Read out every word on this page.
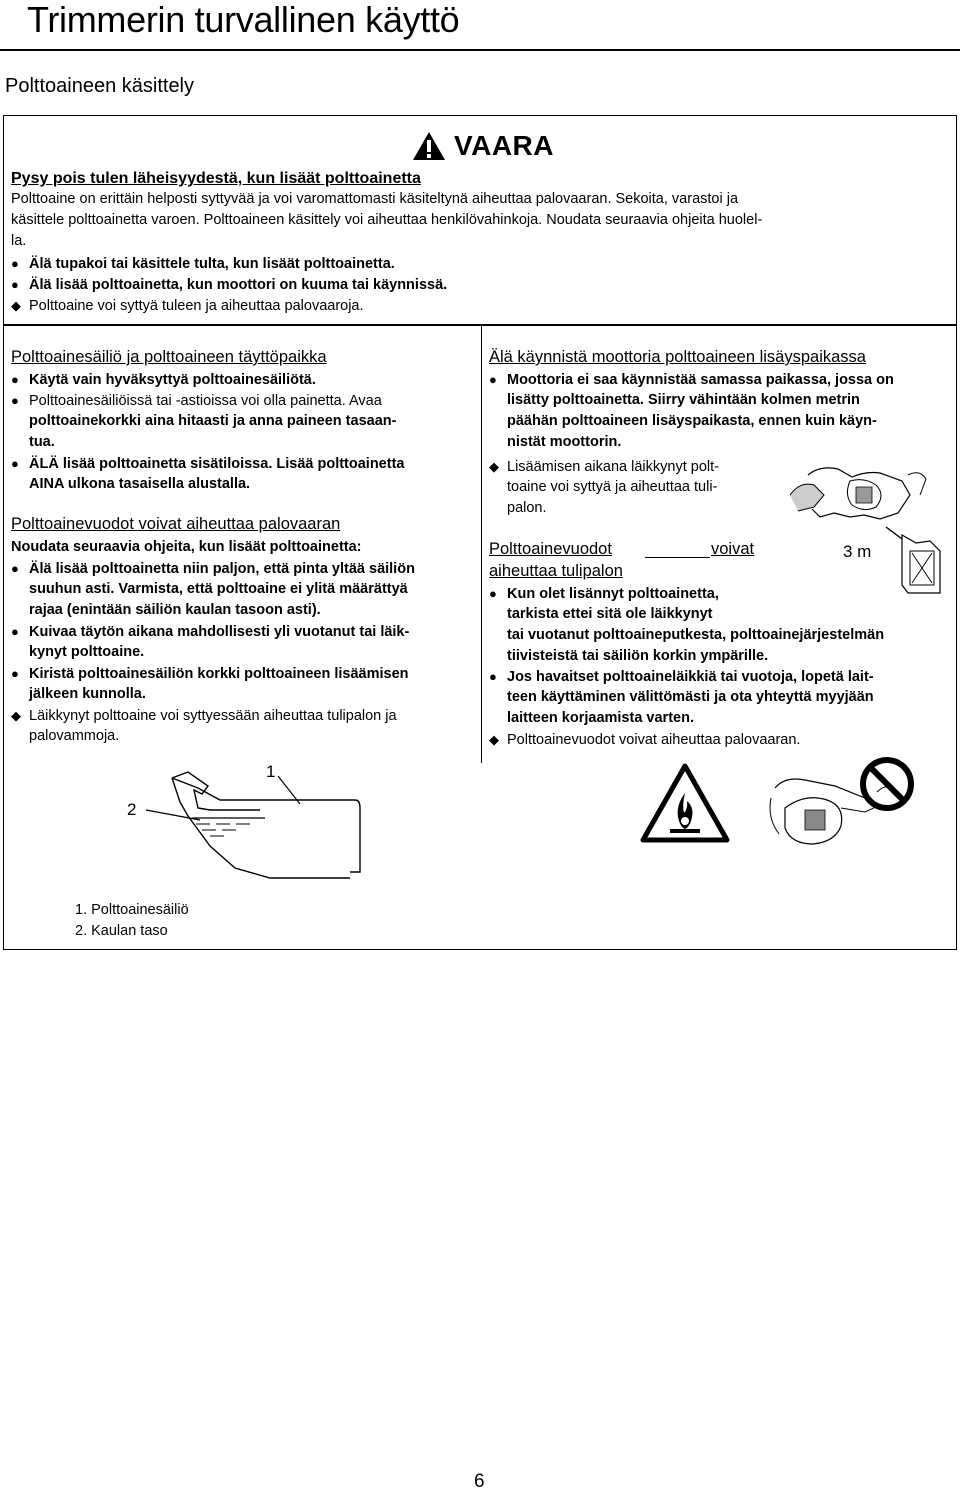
Trimmerin turvallinen käyttö
Polttoaineen käsittely
VAARA
Pysy pois tulen läheisyydestä, kun lisäät polttoainetta
Polttoaine on erittäin helposti syttyvää ja voi varomattomasti käsiteltynä aiheuttaa palovaaran. Sekoita, varastoi ja
käsittele polttoainetta varoen. Polttoaineen käsittely voi aiheuttaa henkilövahinkoja. Noudata seuraavia ohjeita huolel-
la.
● Älä tupakoi tai käsittele tulta, kun lisäät polttoainetta.
● Älä lisää polttoainetta, kun moottori on kuuma tai käynnissä.
◆ Polttoaine voi syttyä tuleen ja aiheuttaa palovaaroja.
Polttoainesäiliö ja polttoaineen täyttöpaikka
● Käytä vain hyväksyttyä polttoainesäiliötä.
● Polttoainesäiliöissä tai -astioissa voi olla painetta. Avaa
polttoainekorkki aina hitaasti ja anna paineen tasaan-
tua.
● ÄLÄ lisää polttoainetta sisätiloissa. Lisää polttoainetta
AINA ulkona tasaisella alustalla.
Polttoainevuodot voivat aiheuttaa palovaaran
Noudata seuraavia ohjeita, kun lisäät polttoainetta:
● Älä lisää polttoainetta niin paljon, että pinta yltää säiliön
suuhun asti. Varmista, että polttoaine ei ylitä määrättyä
rajaa (enintään säiliön kaulan tasoon asti).
● Kuivaa täytön aikana mahdollisesti yli vuotanut tai läik-
kynyt polttoaine.
● Kiristä polttoainesäiliön korkki polttoaineen lisäämisen
jälkeen kunnolla.
◆ Läikkynyt polttoaine voi syttyessään aiheuttaa tulipalon ja
palovammoja.
1
2
1. Polttoainesäiliö
2. Kaulan taso
Älä käynnistä moottoria polttoaineen lisäyspaikassa
● Moottoria ei saa käynnistää samassa paikassa, jossa on
lisätty polttoainetta. Siirry vähintään kolmen metrin
päähän polttoaineen lisäyspaikasta, ennen kuin käyn-
nistät moottorin.
◆ Lisäämisen aikana läikkynyt polt-
toaine voi syttyä ja aiheuttaa tuli-
palon.
Polttoainevuodot	voivat
aiheuttaa tulipalon
3 m
● Kun olet lisännyt polttoainetta,
tarkista ettei sitä ole läikkynyt
tai vuotanut polttoaineputkesta, polttoainejärjestelmän
tiivisteistä tai säiliön korkin ympärille.
● Jos havaitset polttoaineläikkiä tai vuotoja, lopetä lait-
teen käyttäminen välittömästi ja ota yhteyttä myyjään
laitteen korjaamista varten.
◆ Polttoainevuodot voivat aiheuttaa palovaaran.
6
